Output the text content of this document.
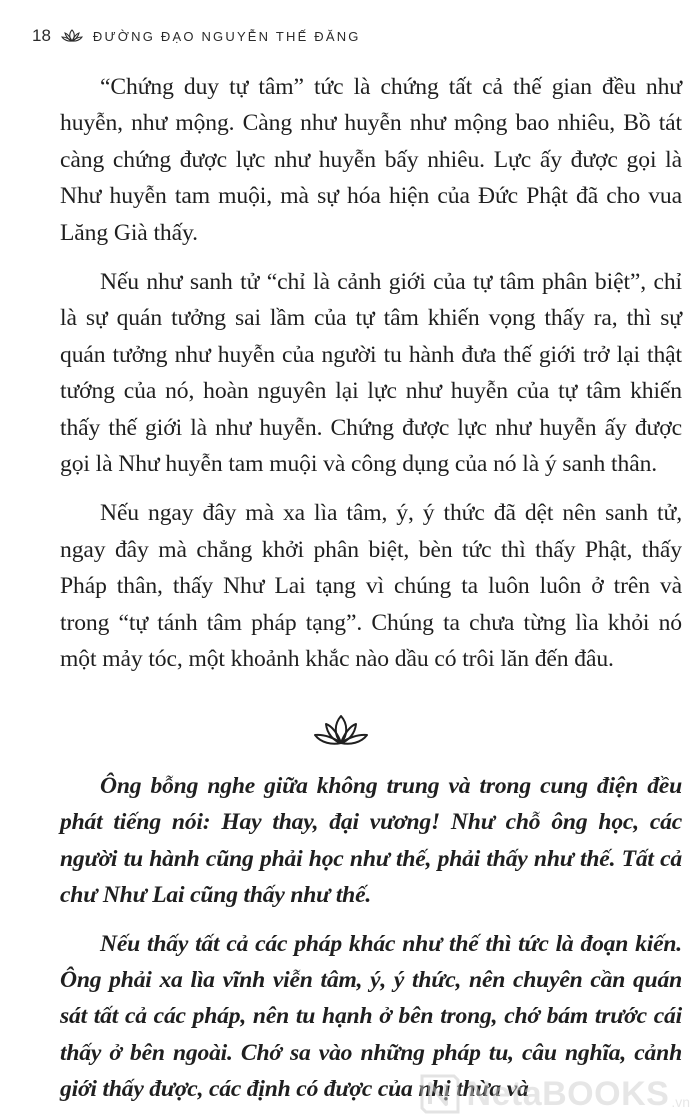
18	ĐƯỜNG ĐẠO NGUYỄN THẾ ĐĂNG

“Chứng duy tự tâm” tức là chứng tất cả thế gian đều như huyễn, như mộng. Càng như huyễn như mộng bao nhiêu, Bồ tát càng chứng được lực như huyễn bấy nhiêu. Lực ấy được gọi là Như huyễn tam muội, mà sự hóa hiện của Đức Phật đã cho vua Lăng Già thấy.

Nếu như sanh tử “chỉ là cảnh giới của tự tâm phân biệt”, chỉ là sự quán tưởng sai lầm của tự tâm khiến vọng thấy ra, thì sự quán tưởng như huyễn của người tu hành đưa thế giới trở lại thật tướng của nó, hoàn nguyên lại lực như huyễn của tự tâm khiến thấy thế giới là như huyễn. Chứng được lực như huyễn ấy được gọi là Như huyễn tam muội và công dụng của nó là ý sanh thân.

Nếu ngay đây mà xa lìa tâm, ý, ý thức đã dệt nên sanh tử, ngay đây mà chẳng khởi phân biệt, bèn tức thì thấy Phật, thấy Pháp thân, thấy Như Lai tạng vì chúng ta luôn luôn ở trên và trong “tự tánh tâm pháp tạng”. Chúng ta chưa từng lìa khỏi nó một mảy tóc, một khoảnh khắc nào dầu có trôi lăn đến đâu.

Ông bỗng nghe giữa không trung và trong cung điện đều phát tiếng nói: Hay thay, đại vương! Như chỗ ông học, các người tu hành cũng phải học như thế, phải thấy như thế. Tất cả chư Như Lai cũng thấy như thế.

Nếu thấy tất cả các pháp khác như thế thì tức là đoạn kiến. Ông phải xa lìa vĩnh viễn tâm, ý, ý thức, nên chuyên cần quán sát tất cả các pháp, nên tu hạnh ở bên trong, chớ bám trước cái thấy ở bên ngoài. Chớ sa vào những pháp tu, câu nghĩa, cảnh giới thấy được, các định có được của nhị thừa và

NetaBOOKS .vn
